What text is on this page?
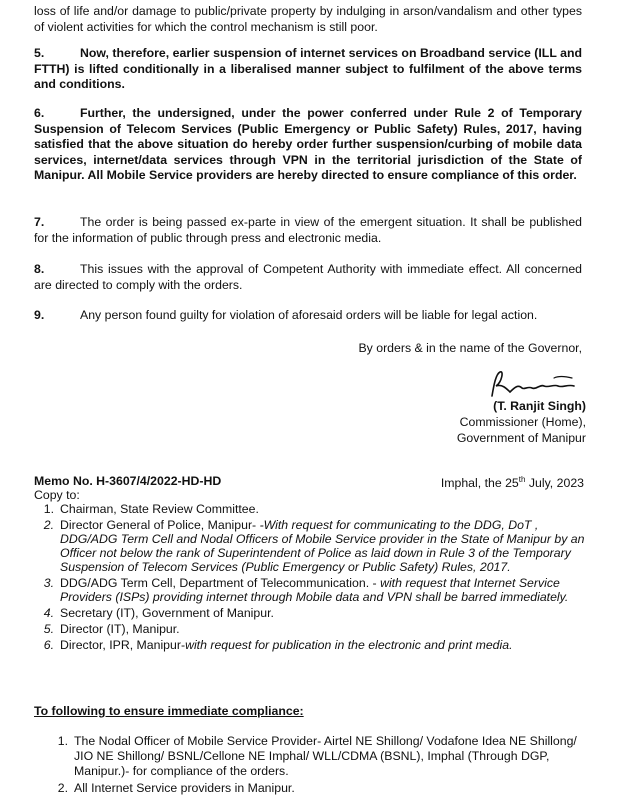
loss of life and/or damage to public/private property by indulging in arson/vandalism and other types of violent activities for which the control mechanism is still poor.
5.	Now, therefore, earlier suspension of internet services on Broadband service (ILL and FTTH) is lifted conditionally in a liberalised manner subject to fulfilment of the above terms and conditions.
6.	Further, the undersigned, under the power conferred under Rule 2 of Temporary Suspension of Telecom Services (Public Emergency or Public Safety) Rules, 2017, having satisfied that the above situation do hereby order further suspension/curbing of mobile data services, internet/data services through VPN in the territorial jurisdiction of the State of Manipur. All Mobile Service providers are hereby directed to ensure compliance of this order.
7.	The order is being passed ex-parte in view of the emergent situation. It shall be published for the information of public through press and electronic media.
8.	This issues with the approval of Competent Authority with immediate effect. All concerned are directed to comply with the orders.
9.	Any person found guilty for violation of aforesaid orders will be liable for legal action.
By orders & in the name of the Governor,
(T. Ranjit Singh)
Commissioner (Home),
Government of Manipur
Memo No. H-3607/4/2022-HD-HD	Imphal, the 25th July, 2023
Copy to:
1. Chairman, State Review Committee.
2. Director General of Police, Manipur- -With request for communicating to the DDG, DoT , DDG/ADG Term Cell and Nodal Officers of Mobile Service provider in the State of Manipur by an Officer not below the rank of Superintendent of Police as laid down in Rule 3 of the Temporary Suspension of Telecom Services (Public Emergency or Public Safety) Rules, 2017.
3. DDG/ADG Term Cell, Department of Telecommunication. - with request that Internet Service Providers (ISPs) providing internet through Mobile data and VPN shall be barred immediately.
4. Secretary (IT), Government of Manipur.
5. Director (IT), Manipur.
6. Director, IPR, Manipur-with request for publication in the electronic and print media.
To following to ensure immediate compliance:
1. The Nodal Officer of Mobile Service Provider- Airtel NE Shillong/ Vodafone Idea NE Shillong/ JIO NE Shillong/ BSNL/Cellone NE Imphal/ WLL/CDMA (BSNL), Imphal (Through DGP, Manipur.)- for compliance of the orders.
2. All Internet Service providers in Manipur.
